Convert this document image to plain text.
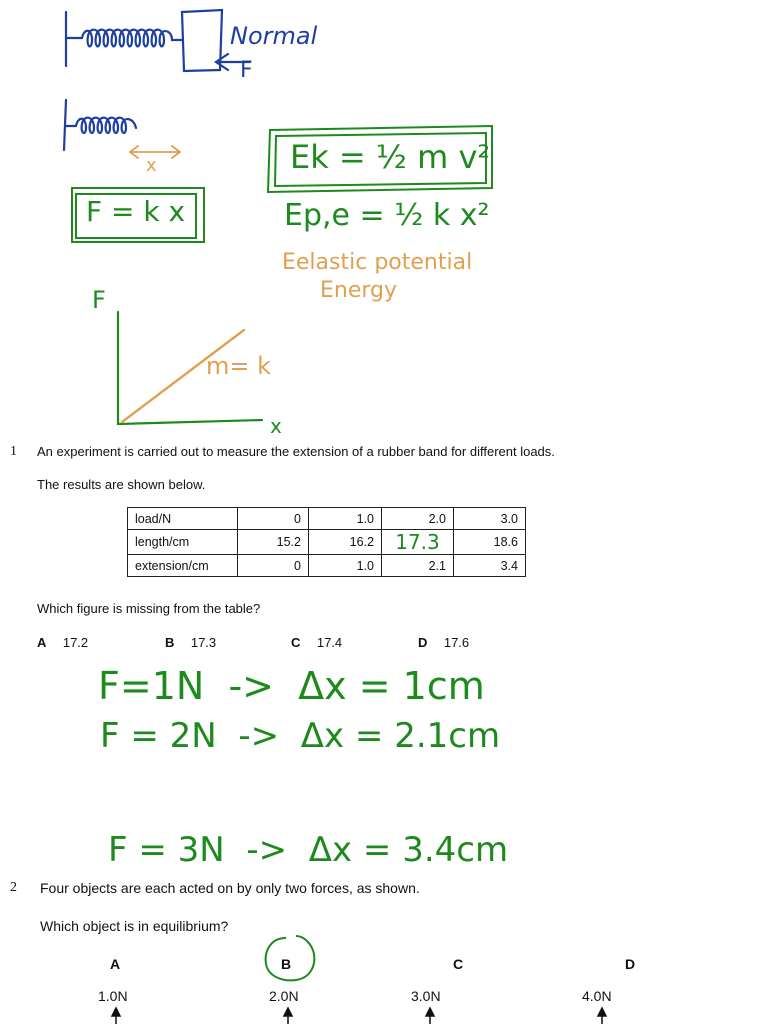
Normal
F
x
F = k x
Ek = ½ m v²
Ep,e = ½ k x²
Eelastic potential
Energy
F
x
m= k
1 An experiment is carried out to measure the extension of a rubber band for different loads.
The results are shown below.
load/N	0	1.0	2.0	3.0
length/cm	15.2	16.2	17.3	18.6
extension/cm	0	1.0	2.1	3.4
Which figure is missing from the table?
A 17.2	B 17.3	C 17.4	D 17.6
F=1N  ->  Δx = 1cm
F = 2N  ->  Δx = 2.1cm
F = 3N  ->  Δx = 3.4cm
2 Four objects are each acted on by only two forces, as shown.
Which object is in equilibrium?
A	B	C	D
1.0N	2.0N	3.0N	4.0N
